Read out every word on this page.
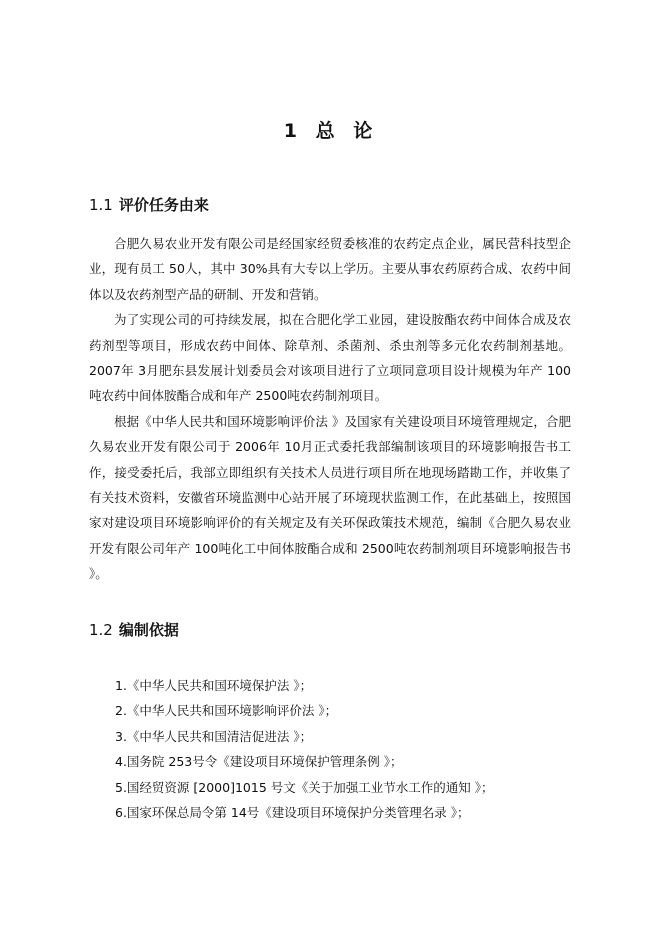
1 总 论
1.1 评价任务由来

合肥久易农业开发有限公司是经国家经贸委核准的农药定点企业，属民营科技型企业，现有员工 50人，其中 30%具有大专以上学历。主要从事农药原药合成、农药中间体以及农药剂型产品的研制、开发和营销。

为了实现公司的可持续发展，拟在合肥化学工业园，建设胺酯农药中间体合成及农药剂型等项目，形成农药中间体、除草剂、杀菌剂、杀虫剂等多元化农药制剂基地。2007年 3月肥东县发展计划委员会对该项目进行了立项同意项目设计规模为年产 100吨农药中间体胺酯合成和年产 2500吨农药制剂项目。

根据《中华人民共和国环境影响评价法 》及国家有关建设项目环境管理规定，合肥久易农业开发有限公司于 2006年 10月正式委托我部编制该项目的环境影响报告书工作，接受委托后，我部立即组织有关技术人员进行项目所在地现场踏勘工作，并收集了有关技术资料，安徽省环境监测中心站开展了环境现状监测工作，在此基础上，按照国家对建设项目环境影响评价的有关规定及有关环保政策技术规范，编制《合肥久易农业开发有限公司年产 100吨化工中间体胺酯合成和 2500吨农药制剂项目环境影响报告书 》。

1.2 编制依据
1.《中华人民共和国环境保护法 》；
2.《中华人民共和国环境影响评价法 》；
3.《中华人民共和国清洁促进法 》；
4.国务院 253号令《建设项目环境保护管理条例 》；
5.国经贸资源 [2000]1015 号文《关于加强工业节水工作的通知 》；
6.国家环保总局令第 14号《建设项目环境保护分类管理名录 》；
